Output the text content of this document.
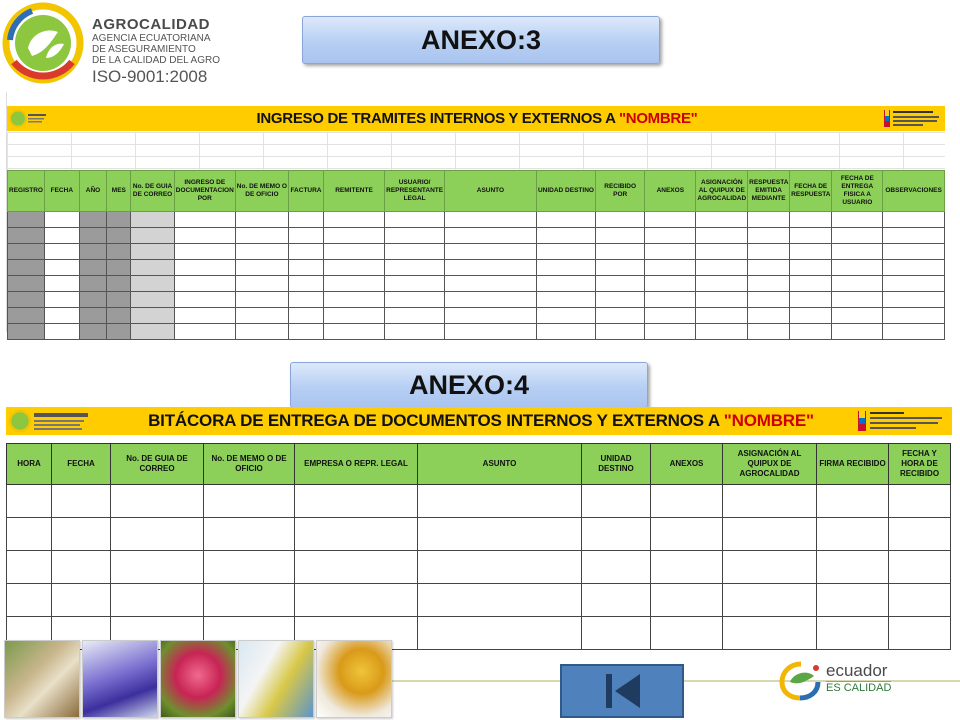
AGROCALIDAD
AGENCIA ECUATORIANA
DE ASEGURAMIENTO
DE LA CALIDAD DEL AGRO
ISO-9001:2008
ANEXO:3
INGRESO DE TRAMITES INTERNOS Y EXTERNOS A "NOMBRE"
REGISTRO	FECHA	AÑO	MES	No. DE GUIA DE CORREO	INGRESO DE DOCUMENTACION POR	No. DE MEMO O DE OFICIO	FACTURA	REMITENTE	USUARIO/ REPRESENTANTE LEGAL	ASUNTO	UNIDAD DESTINO	RECIBIDO POR	ANEXOS	ASIGNACIÓN AL QUIPUX DE AGROCALIDAD	RESPUESTA EMITIDA MEDIANTE	FECHA DE RESPUESTA	FECHA DE ENTREGA FISICA A USUARIO	OBSERVACIONES

ANEXO:4
BITÁCORA DE ENTREGA DE DOCUMENTOS INTERNOS Y EXTERNOS A "NOMBRE"
HORA	FECHA	No. DE GUIA DE CORREO	No. DE MEMO O DE OFICIO	EMPRESA O REPR. LEGAL	ASUNTO	UNIDAD DESTINO	ANEXOS	ASIGNACIÓN AL QUIPUX DE AGROCALIDAD	FIRMA RECIBIDO	FECHA Y HORA DE RECIBIDO

ecuador
ES CALIDAD
